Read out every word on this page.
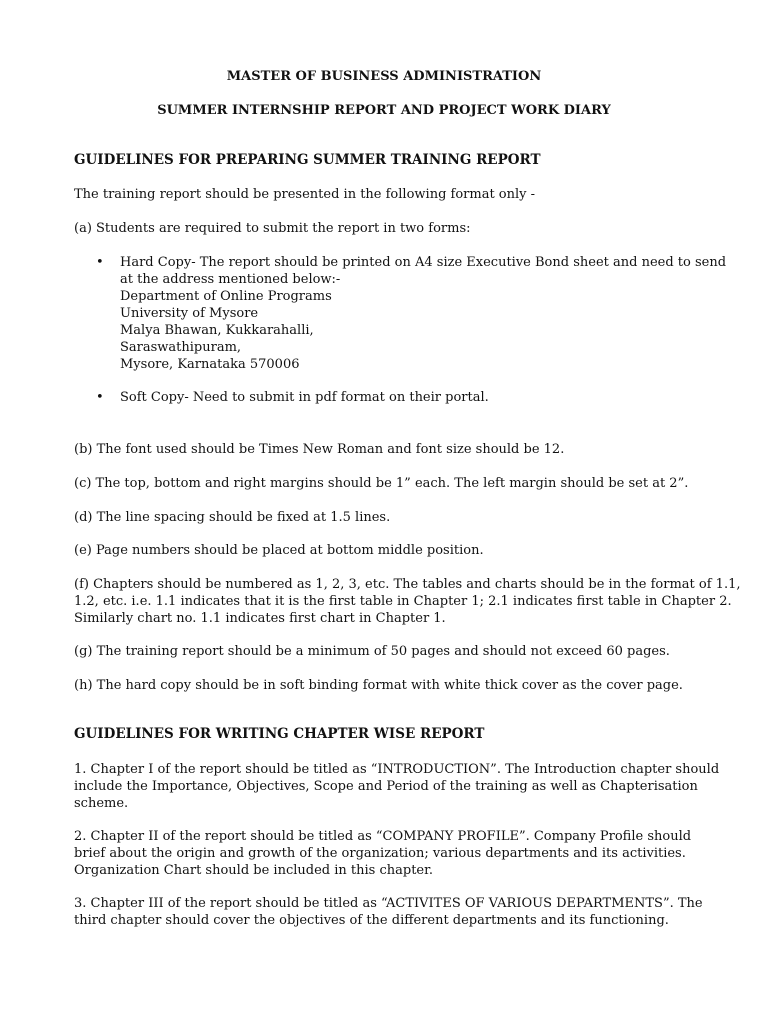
MASTER OF BUSINESS ADMINISTRATION
SUMMER INTERNSHIP REPORT AND PROJECT WORK DIARY
GUIDELINES FOR PREPARING SUMMER TRAINING REPORT
The training report should be presented in the following format only -
(a) Students are required to submit the report in two forms:
• Hard Copy- The report should be printed on A4 size Executive Bond sheet and need to send
at the address mentioned below:-
Department of Online Programs
University of Mysore
Malya Bhawan, Kukkarahalli,
Saraswathipuram,
Mysore, Karnataka 570006
• Soft Copy- Need to submit in pdf format on their portal.
(b) The font used should be Times New Roman and font size should be 12.
(c) The top, bottom and right margins should be 1” each. The left margin should be set at 2”.
(d) The line spacing should be fixed at 1.5 lines.
(e) Page numbers should be placed at bottom middle position.
(f) Chapters should be numbered as 1, 2, 3, etc. The tables and charts should be in the format of 1.1,
1.2, etc. i.e. 1.1 indicates that it is the first table in Chapter 1; 2.1 indicates first table in Chapter 2.
Similarly chart no. 1.1 indicates first chart in Chapter 1.
(g) The training report should be a minimum of 50 pages and should not exceed 60 pages.
(h) The hard copy should be in soft binding format with white thick cover as the cover page.
GUIDELINES FOR WRITING CHAPTER WISE REPORT
1. Chapter I of the report should be titled as “INTRODUCTION”. The Introduction chapter should
include the Importance, Objectives, Scope and Period of the training as well as Chapterisation
scheme.
2. Chapter II of the report should be titled as “COMPANY PROFILE”. Company Profile should
brief about the origin and growth of the organization; various departments and its activities.
Organization Chart should be included in this chapter.
3. Chapter III of the report should be titled as “ACTIVITES OF VARIOUS DEPARTMENTS”. The
third chapter should cover the objectives of the different departments and its functioning.
